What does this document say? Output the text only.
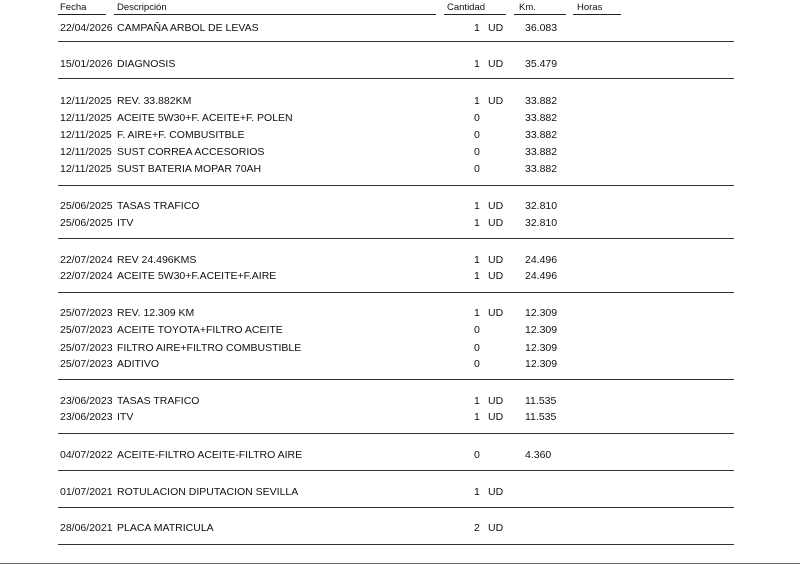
Fecha	Descripción	Cantidad	Km.	Horas
22/04/2026 CAMPAÑA ARBOL DE LEVAS	1 UD 36.083
15/01/2026 DIAGNOSIS	1 UD 35.479
12/11/2025 REV. 33.882KM	1 UD 33.882
12/11/2025 ACEITE 5W30+F. ACEITE+F. POLEN	0	33.882
12/11/2025 F. AIRE+F. COMBUSITBLE	0	33.882
12/11/2025 SUST CORREA ACCESORIOS	0	33.882
12/11/2025 SUST BATERIA MOPAR 70AH	0	33.882
25/06/2025 TASAS TRAFICO	1 UD 32.810
25/06/2025 ITV	1 UD 32.810
22/07/2024 REV 24.496KMS	1 UD 24.496
22/07/2024 ACEITE 5W30+F.ACEITE+F.AIRE	1 UD 24.496
25/07/2023 REV. 12.309 KM	1 UD 12.309
25/07/2023 ACEITE TOYOTA+FILTRO ACEITE	0	12.309
25/07/2023 FILTRO AIRE+FILTRO COMBUSTIBLE	0	12.309
25/07/2023 ADITIVO	0	12.309
23/06/2023 TASAS TRAFICO	1 UD 11.535
23/06/2023 ITV	1 UD 11.535
04/07/2022 ACEITE-FILTRO ACEITE-FILTRO AIRE	0	4.360
01/07/2021 ROTULACION DIPUTACION SEVILLA	1 UD
28/06/2021 PLACA MATRICULA	2 UD
